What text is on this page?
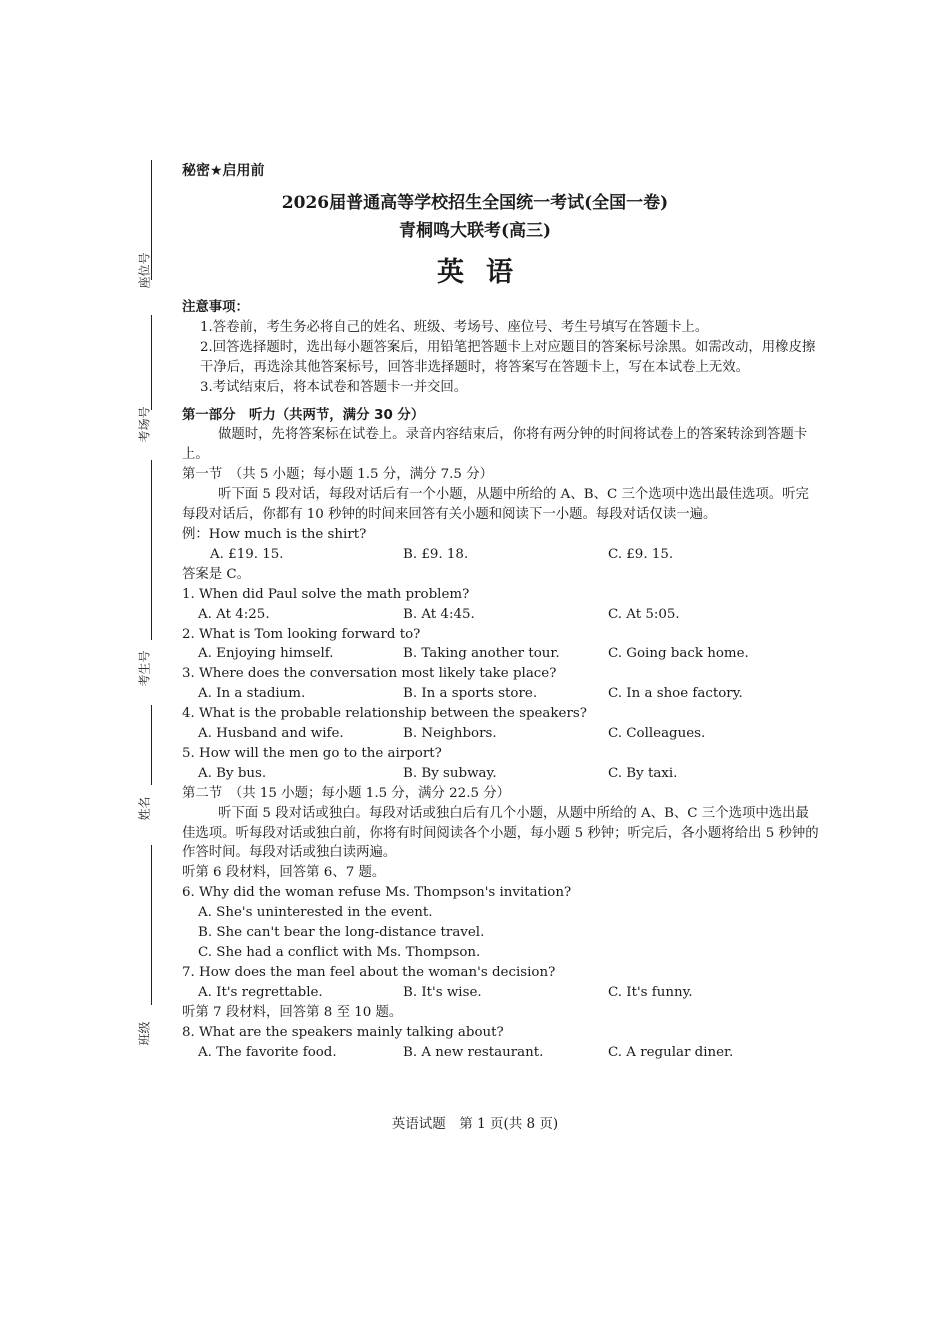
座位号
考场号
考生号
姓名
班级
秘密★启用前
2026届普通高等学校招生全国统一考试(全国一卷)
青桐鸣大联考(高三)
英语

注意事项：

1.答卷前，考生务必将自己的姓名、班级、考场号、座位号、考生号填写在答题卡上。

2.回答选择题时，选出每小题答案后，用铅笔把答题卡上对应题目的答案标号涂黑。如需改动，用橡皮擦干净后，再选涂其他答案标号，回答非选择题时，将答案写在答题卡上，写在本试卷上无效。

3.考试结束后，将本试卷和答题卡一并交回。

第一部分　听力（共两节，满分 30 分）

做题时，先将答案标在试卷上。录音内容结束后，你将有两分钟的时间将试卷上的答案转涂到答题卡上。

第一节　（共 5 小题；每小题 1.5 分，满分 7.5 分）

听下面 5 段对话，每段对话后有一个小题，从题中所给的 A、B、C 三个选项中选出最佳选项。听完每段对话后，你都有 10 秒钟的时间来回答有关小题和阅读下一小题。每段对话仅读一遍。

例：How much is the shirt?

A. £19. 15.	B. £9. 18.	C. £9. 15.

答案是 C。

1. When did Paul solve the math problem?

A. At 4:25.	B. At 4:45.	C. At 5:05.

2. What is Tom looking forward to?

A. Enjoying himself.	B. Taking another tour.	C. Going back home.

3. Where does the conversation most likely take place?

A. In a stadium.	B. In a sports store.	C. In a shoe factory.

4. What is the probable relationship between the speakers?

A. Husband and wife.	B. Neighbors.	C. Colleagues.

5. How will the men go to the airport?

A. By bus.	B. By subway.	C. By taxi.

第二节　（共 15 小题；每小题 1.5 分，满分 22.5 分）

听下面 5 段对话或独白。每段对话或独白后有几个小题，从题中所给的 A、B、C 三个选项中选出最佳选项。听每段对话或独白前，你将有时间阅读各个小题，每小题 5 秒钟；听完后，各小题将给出 5 秒钟的作答时间。每段对话或独白读两遍。

听第 6 段材料，回答第 6、7 题。

6. Why did the woman refuse Ms. Thompson's invitation?

A. She's uninterested in the event.

B. She can't bear the long-distance travel.

C. She had a conflict with Ms. Thompson.

7. How does the man feel about the woman's decision?

A. It's regrettable.	B. It's wise.	C. It's funny.

听第 7 段材料，回答第 8 至 10 题。

8. What are the speakers mainly talking about?

A. The favorite food.	B. A new restaurant.	C. A regular diner.
英语试题　第 1 页(共 8 页)
